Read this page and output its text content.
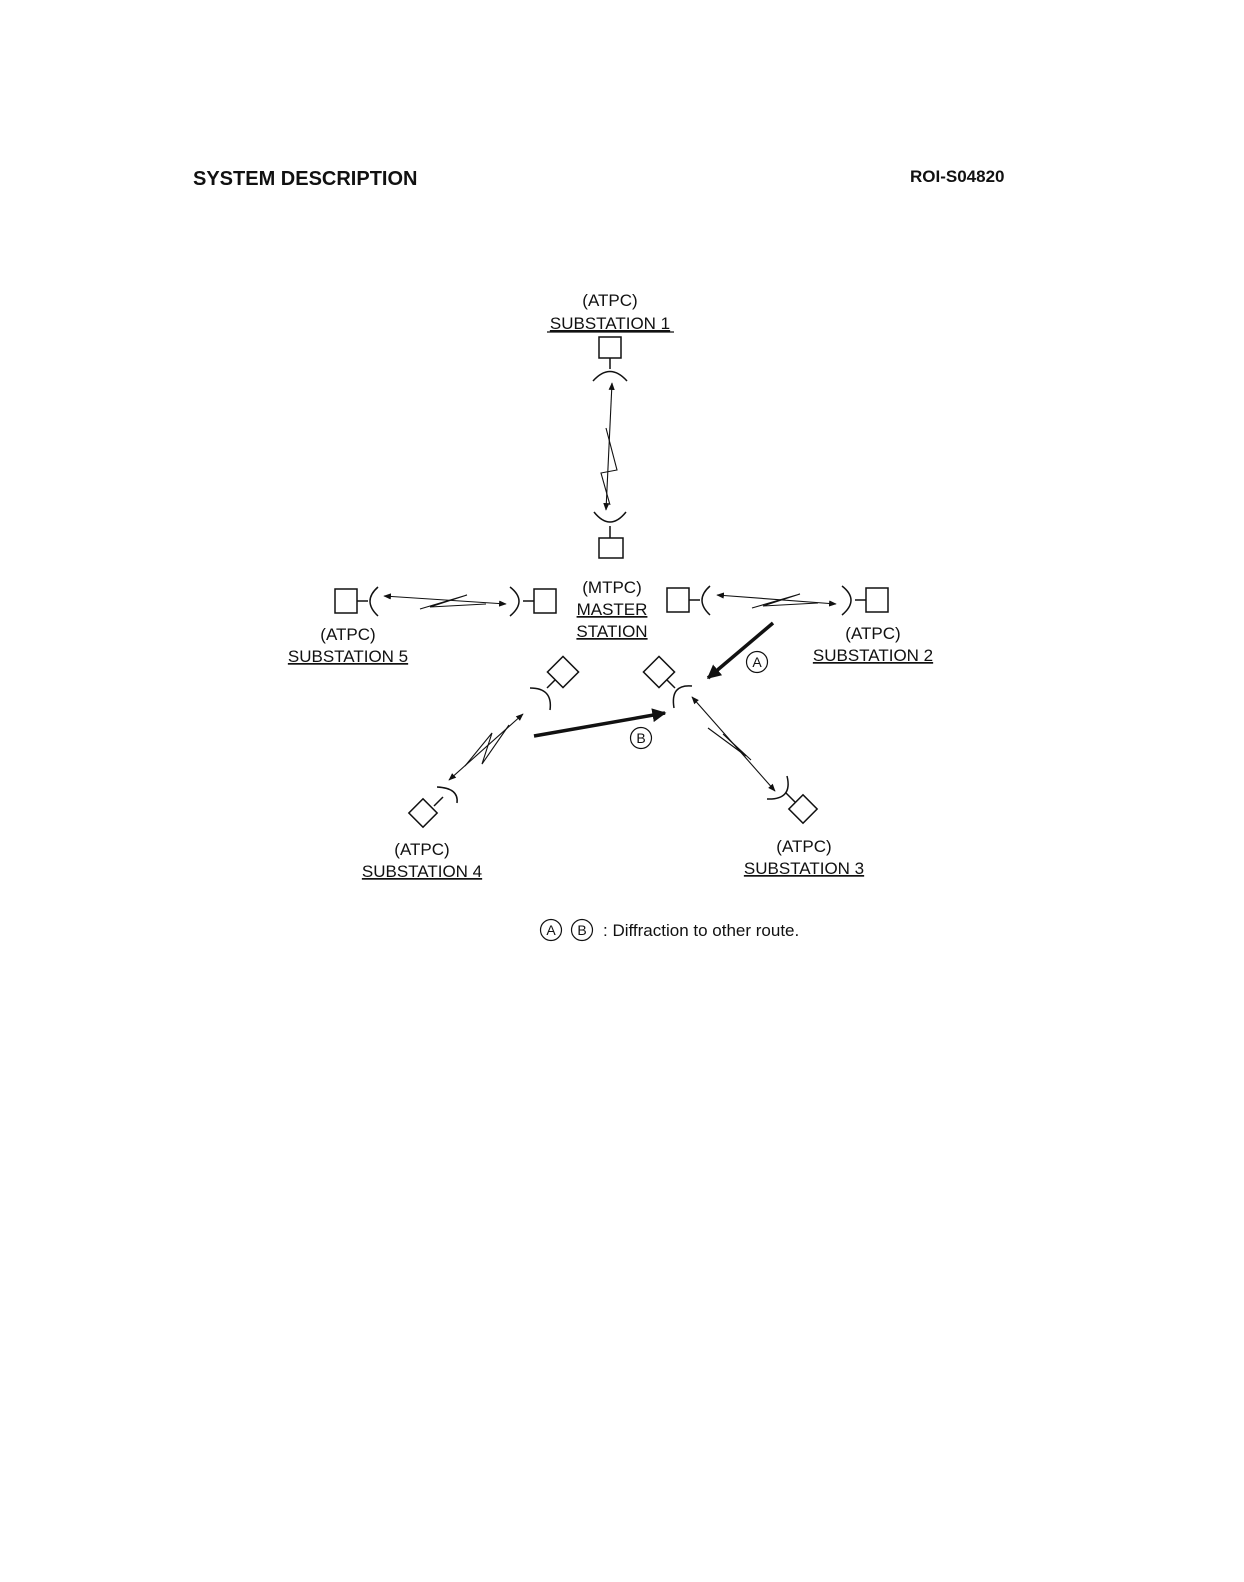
SYSTEM DESCRIPTION	ROI-S04820
(ATPC)
SUBSTATION 1
(MTPC)
MASTER
STATION
(ATPC)
SUBSTATION 5
(ATPC)
SUBSTATION 2
(ATPC)
SUBSTATION 4
(ATPC)
SUBSTATION 3
A
B
A B : Diffraction to other route.
